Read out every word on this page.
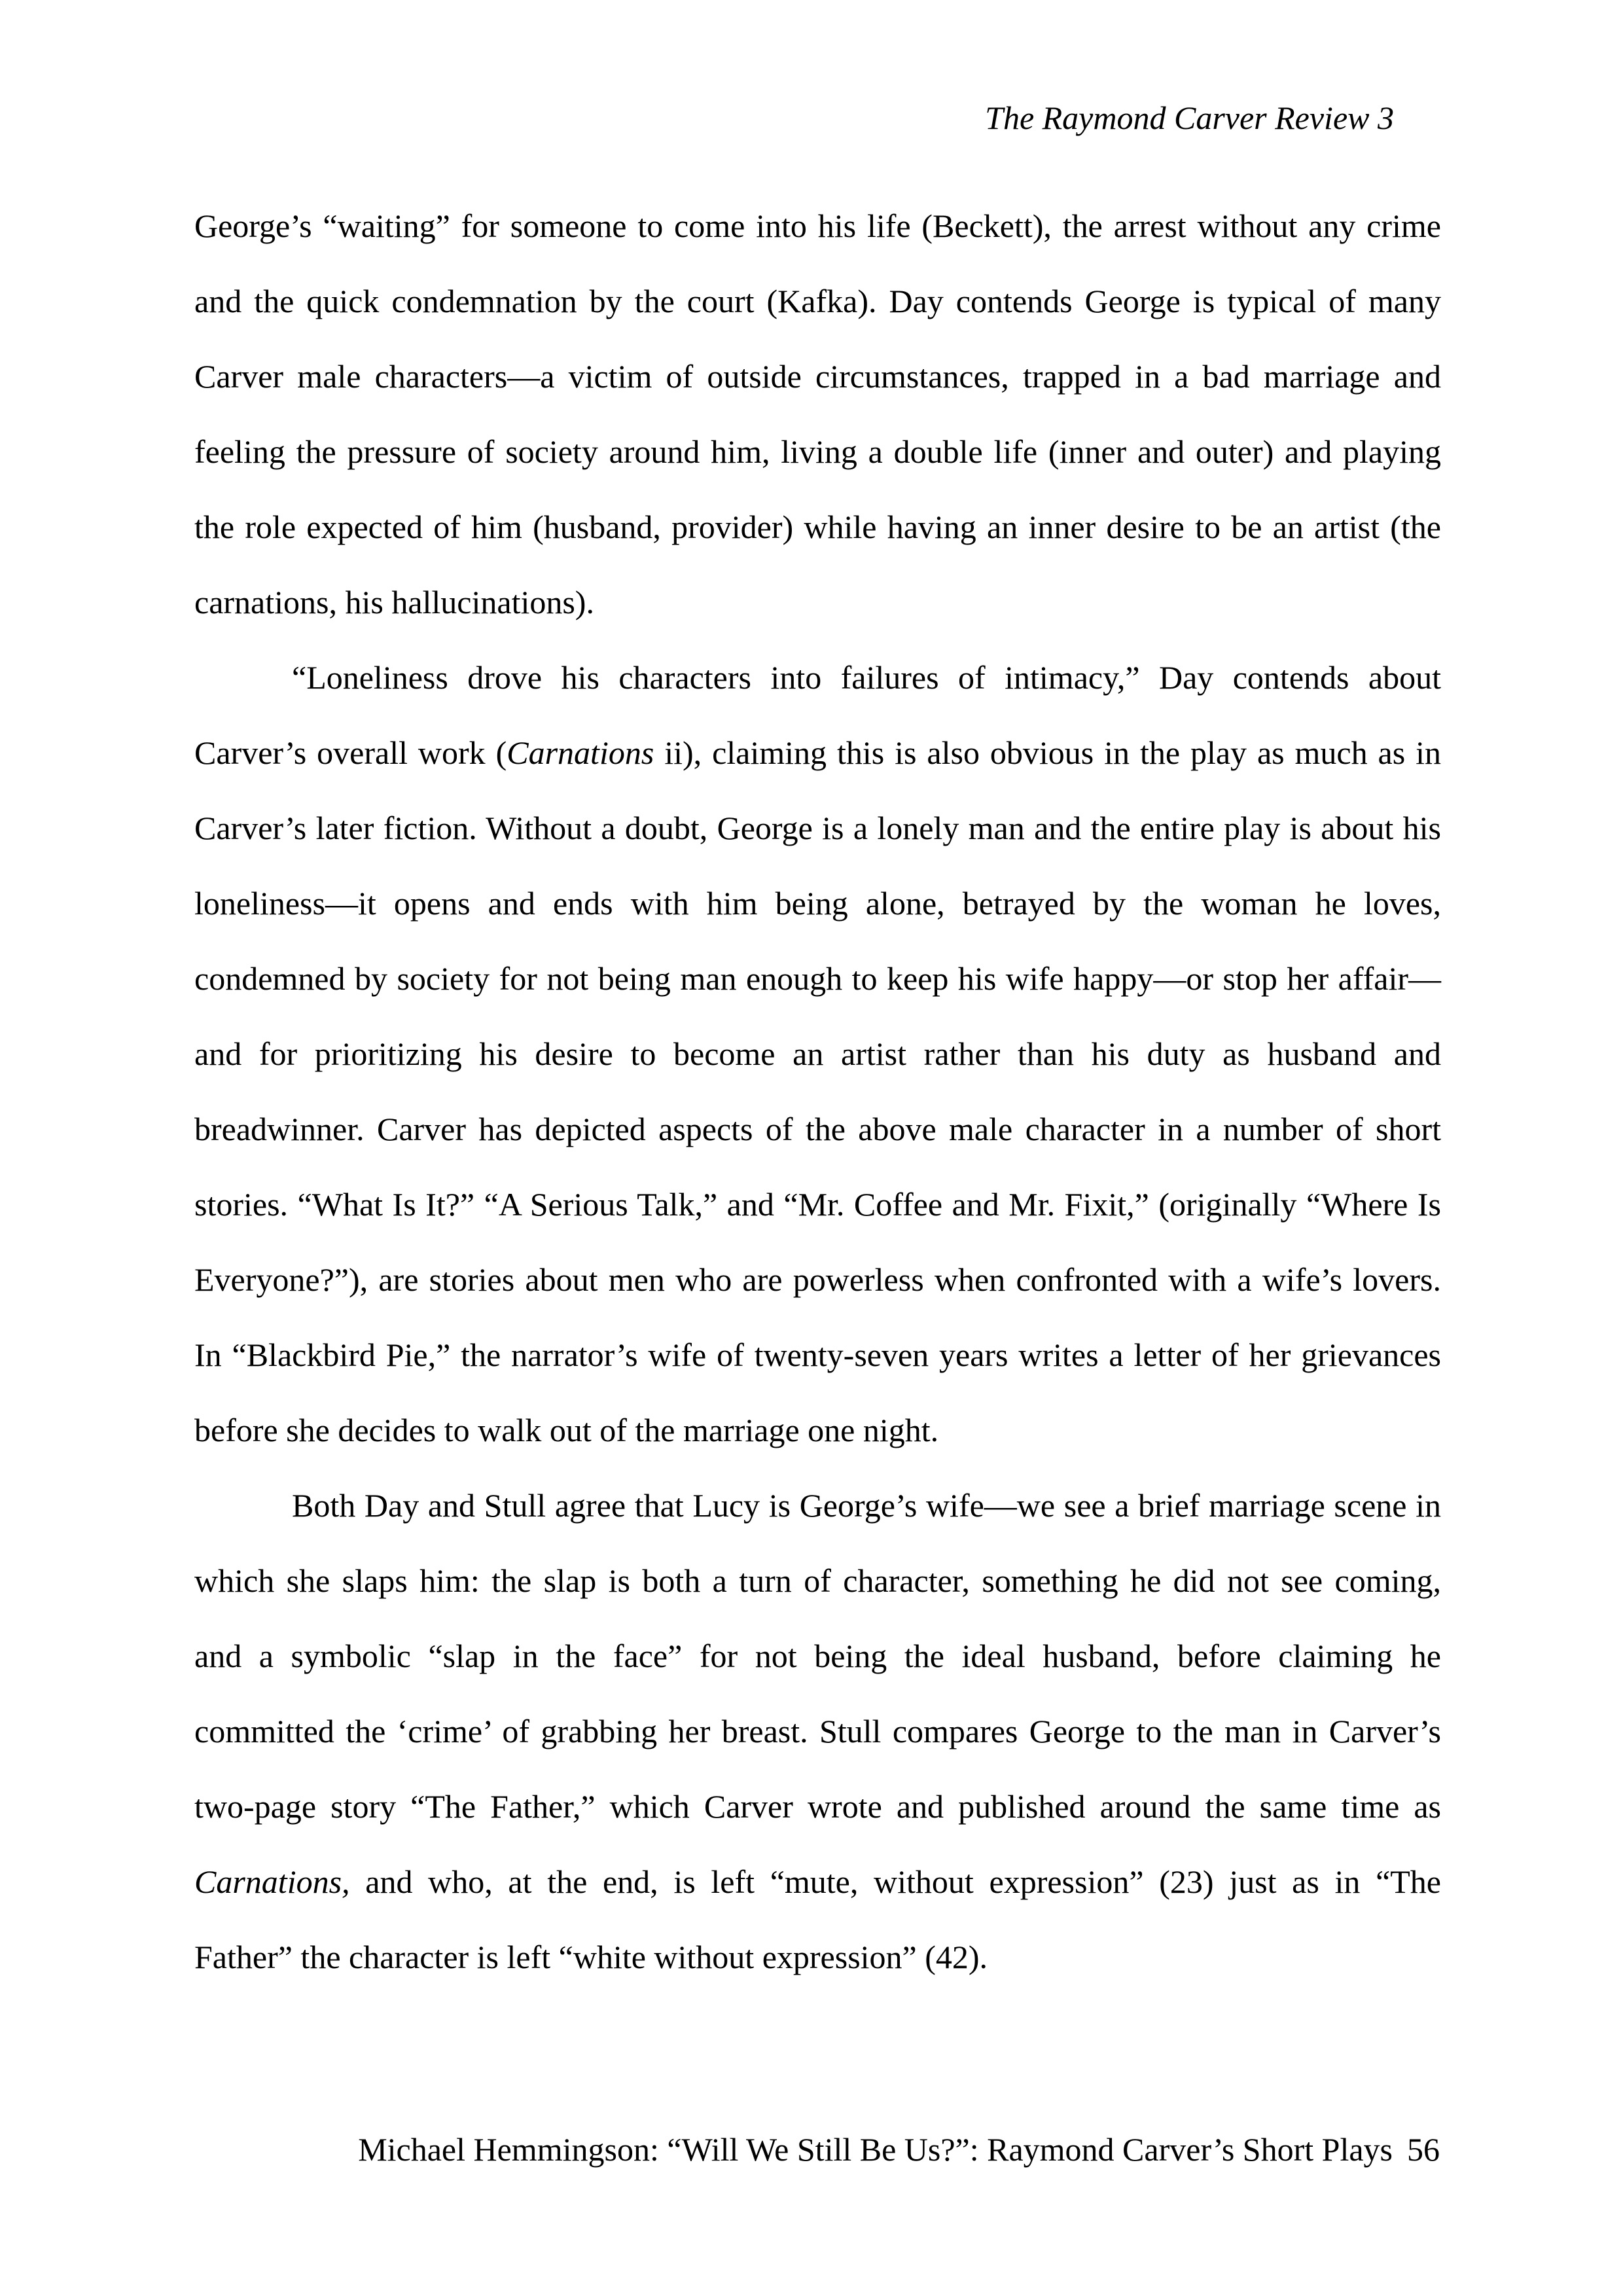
The Raymond Carver Review 3

George’s “waiting” for someone to come into his life (Beckett), the arrest without any crime
and the quick condemnation by the court (Kafka). Day contends George is typical of many
Carver male characters—a victim of outside circumstances, trapped in a bad marriage and
feeling the pressure of society around him, living a double life (inner and outer) and playing
the role expected of him (husband, provider) while having an inner desire to be an artist (the
carnations, his hallucinations).

“Loneliness drove his characters into failures of intimacy,” Day contends about
Carver’s overall work (Carnations ii), claiming this is also obvious in the play as much as in
Carver’s later fiction. Without a doubt, George is a lonely man and the entire play is about his
loneliness—it opens and ends with him being alone, betrayed by the woman he loves,
condemned by society for not being man enough to keep his wife happy—or stop her affair—
and for prioritizing his desire to become an artist rather than his duty as husband and
breadwinner. Carver has depicted aspects of the above male character in a number of short
stories. “What Is It?” “A Serious Talk,” and “Mr. Coffee and Mr. Fixit,” (originally “Where Is
Everyone?”), are stories about men who are powerless when confronted with a wife’s lovers.
In “Blackbird Pie,” the narrator’s wife of twenty-seven years writes a letter of her grievances
before she decides to walk out of the marriage one night.

Both Day and Stull agree that Lucy is George’s wife—we see a brief marriage scene in
which she slaps him: the slap is both a turn of character, something he did not see coming,
and a symbolic “slap in the face” for not being the ideal husband, before claiming he
committed the ‘crime’ of grabbing her breast. Stull compares George to the man in Carver’s
two-page story “The Father,” which Carver wrote and published around the same time as
Carnations, and who, at the end, is left “mute, without expression” (23) just as in “The
Father” the character is left “white without expression” (42).

Michael Hemmingson: “Will We Still Be Us?”: Raymond Carver’s Short Plays 56
